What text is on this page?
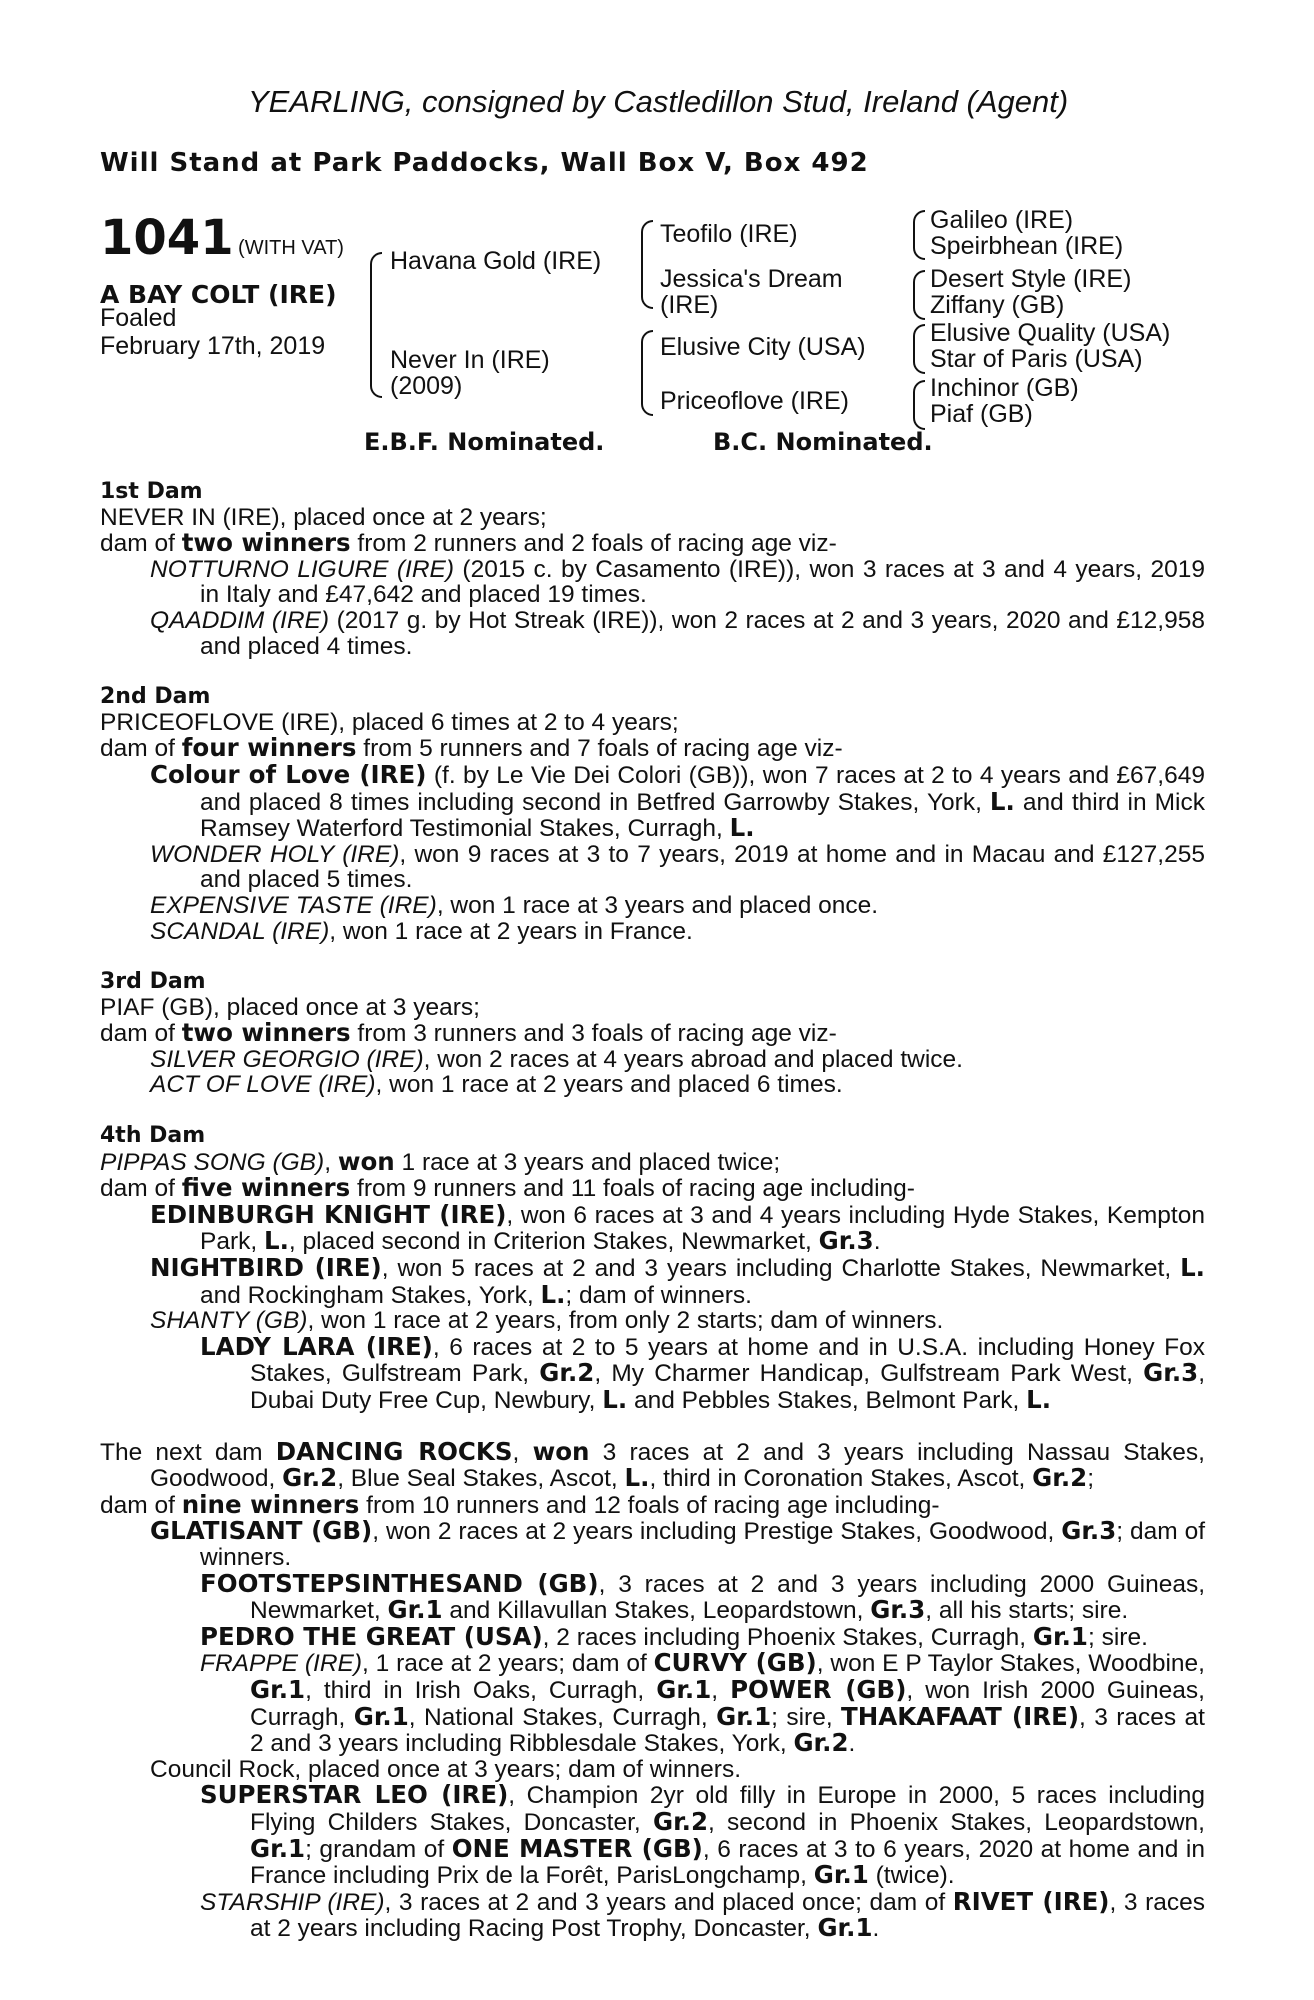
YEARLING, consigned by Castledillon Stud, Ireland (Agent)
Will Stand at Park Paddocks, Wall Box V, Box 492
1041 (WITH VAT)
A BAY COLT (IRE)
Foaled
February 17th, 2019
Havana Gold (IRE)
Never In (IRE)
(2009)
Teofilo (IRE)
Jessica's Dream
(IRE)
Elusive City (USA)
Priceoflove (IRE)
Galileo (IRE)
Speirbhean (IRE)
Desert Style (IRE)
Ziffany (GB)
Elusive Quality (USA)
Star of Paris (USA)
Inchinor (GB)
Piaf (GB)
E.B.F. Nominated.	B.C. Nominated.

1st Dam

NEVER IN (IRE), placed once at 2 years;

dam of two winners from 2 runners and 2 foals of racing age viz-

NOTTURNO LIGURE (IRE) (2015 c. by Casamento (IRE)), won 3 races at 3 and 4 years, 2019 in Italy and £47,642 and placed 19 times.

QAADDIM (IRE) (2017 g. by Hot Streak (IRE)), won 2 races at 2 and 3 years, 2020 and £12,958 and placed 4 times.

2nd Dam

PRICEOFLOVE (IRE), placed 6 times at 2 to 4 years;

dam of four winners from 5 runners and 7 foals of racing age viz-

Colour of Love (IRE) (f. by Le Vie Dei Colori (GB)), won 7 races at 2 to 4 years and £67,649 and placed 8 times including second in Betfred Garrowby Stakes, York, L. and third in Mick Ramsey Waterford Testimonial Stakes, Curragh, L.

WONDER HOLY (IRE), won 9 races at 3 to 7 years, 2019 at home and in Macau and £127,255 and placed 5 times.

EXPENSIVE TASTE (IRE), won 1 race at 3 years and placed once.

SCANDAL (IRE), won 1 race at 2 years in France.

3rd Dam

PIAF (GB), placed once at 3 years;

dam of two winners from 3 runners and 3 foals of racing age viz-

SILVER GEORGIO (IRE), won 2 races at 4 years abroad and placed twice.

ACT OF LOVE (IRE), won 1 race at 2 years and placed 6 times.

4th Dam

PIPPAS SONG (GB), won 1 race at 3 years and placed twice;

dam of five winners from 9 runners and 11 foals of racing age including-

EDINBURGH KNIGHT (IRE), won 6 races at 3 and 4 years including Hyde Stakes, Kempton Park, L., placed second in Criterion Stakes, Newmarket, Gr.3.

NIGHTBIRD (IRE), won 5 races at 2 and 3 years including Charlotte Stakes, Newmarket, L. and Rockingham Stakes, York, L.; dam of winners.

SHANTY (GB), won 1 race at 2 years, from only 2 starts; dam of winners.

LADY LARA (IRE), 6 races at 2 to 5 years at home and in U.S.A. including Honey Fox Stakes, Gulfstream Park, Gr.2, My Charmer Handicap, Gulfstream Park West, Gr.3, Dubai Duty Free Cup, Newbury, L. and Pebbles Stakes, Belmont Park, L.

The next dam DANCING ROCKS, won 3 races at 2 and 3 years including Nassau Stakes, Goodwood, Gr.2, Blue Seal Stakes, Ascot, L., third in Coronation Stakes, Ascot, Gr.2;

dam of nine winners from 10 runners and 12 foals of racing age including-

GLATISANT (GB), won 2 races at 2 years including Prestige Stakes, Goodwood, Gr.3; dam of winners.

FOOTSTEPSINTHESAND (GB), 3 races at 2 and 3 years including 2000 Guineas, Newmarket, Gr.1 and Killavullan Stakes, Leopardstown, Gr.3, all his starts; sire.

PEDRO THE GREAT (USA), 2 races including Phoenix Stakes, Curragh, Gr.1; sire.

FRAPPE (IRE), 1 race at 2 years; dam of CURVY (GB), won E P Taylor Stakes, Woodbine, Gr.1, third in Irish Oaks, Curragh, Gr.1, POWER (GB), won Irish 2000 Guineas, Curragh, Gr.1, National Stakes, Curragh, Gr.1; sire, THAKAFAAT (IRE), 3 races at 2 and 3 years including Ribblesdale Stakes, York, Gr.2.

Council Rock, placed once at 3 years; dam of winners.

SUPERSTAR LEO (IRE), Champion 2yr old filly in Europe in 2000, 5 races including Flying Childers Stakes, Doncaster, Gr.2, second in Phoenix Stakes, Leopardstown, Gr.1; grandam of ONE MASTER (GB), 6 races at 3 to 6 years, 2020 at home and in France including Prix de la Forêt, ParisLongchamp, Gr.1 (twice).

STARSHIP (IRE), 3 races at 2 and 3 years and placed once; dam of RIVET (IRE), 3 races at 2 years including Racing Post Trophy, Doncaster, Gr.1.
